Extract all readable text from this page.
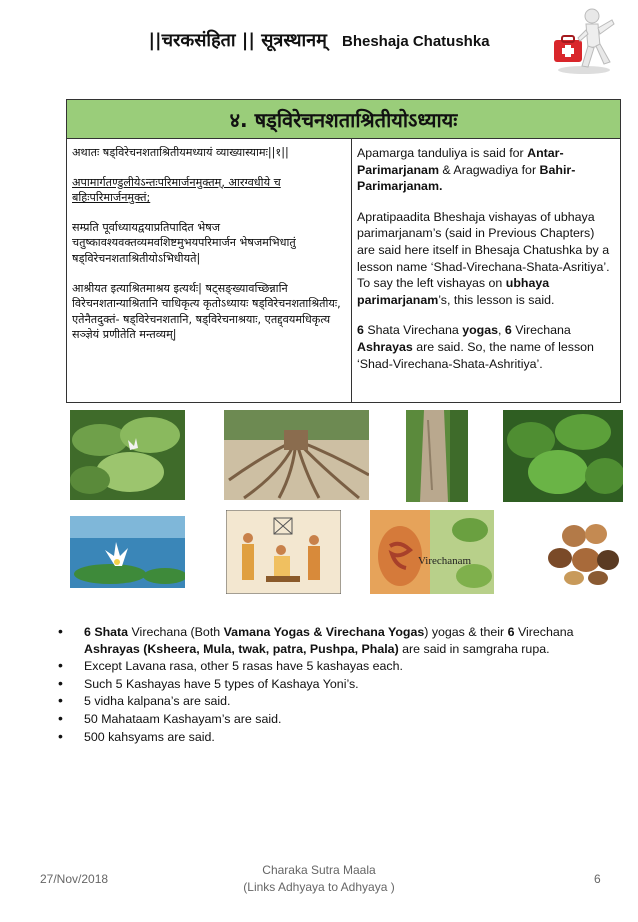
||चरकसंहिता || सूत्रस्थानम् Bheshaja Chatushka
४. षड्विरेचनशताश्रितीयोऽध्यायः

अथातः षड्विरेचनशताश्रितीयमध्यायं व्याख्यास्यामः||१||

अपामार्गतण्डुलीयेऽन्तःपरिमार्जनमुक्तम्, आरग्वधीये च बहिःपरिमार्जनमुक्तं;

सम्प्रति पूर्वाध्यायद्वयाप्रतिपादित भेषज चतुष्कावश्यवक्तव्यमवशिष्टमुभयपरिमार्जन भेषजमभिधातुं षड्विरेचनशताश्रितीयोऽभिधीयते|

आश्रीयत इत्याश्रितमाश्रय इत्यर्थः| षट्सङ्ख्यावच्छिन्नानि विरेचनशतान्याश्रितानि चाधिकृत्य कृतोऽध्यायः षड्विरेचनशताश्रितीयः, एतेनैतदुक्तं- षड्विरेचनशतानि, षड्विरेचनाश्रयाः, एतद्द्वयमधिकृत्य सञ्ज्ञेयं प्रणीतेति मन्तव्यम्|

Apamarga tanduliya is said for Antar-Parimarjanam & Aragwadiya for Bahir-Parimarjanam.

Apratipaadita Bheshaja vishayas of ubhaya parimarjanam’s (said in Previous Chapters) are said here itself in Bhesaja Chatushka by a lesson name ‘Shad-Virechana-Shata-Asritiya’. To say the left vishayas on ubhaya parimarjanam’s, this lesson is said.

6 Shata Virechana yogas, 6 Virechana Ashrayas are said. So, the name of lesson ‘Shad-Virechana-Shata-Ashritiya’.

Virechanam
• 6 Shata Virechana (Both Vamana Yogas & Virechana Yogas) yogas & their 6 Virechana Ashrayas (Ksheera, Mula, twak, patra, Pushpa, Phala) are said in samgraha rupa.
• Except Lavana rasa, other 5 rasas have 5 kashayas each.
• Such 5 Kashayas have 5 types of Kashaya Yoni’s.
• 5 vidha kalpana’s are said.
• 50 Mahataam Kashayam’s are said.
• 500 kahsyams are said.
27/Nov/2018
Charaka Sutra Maala
(Links Adhyaya to Adhyaya )
6
